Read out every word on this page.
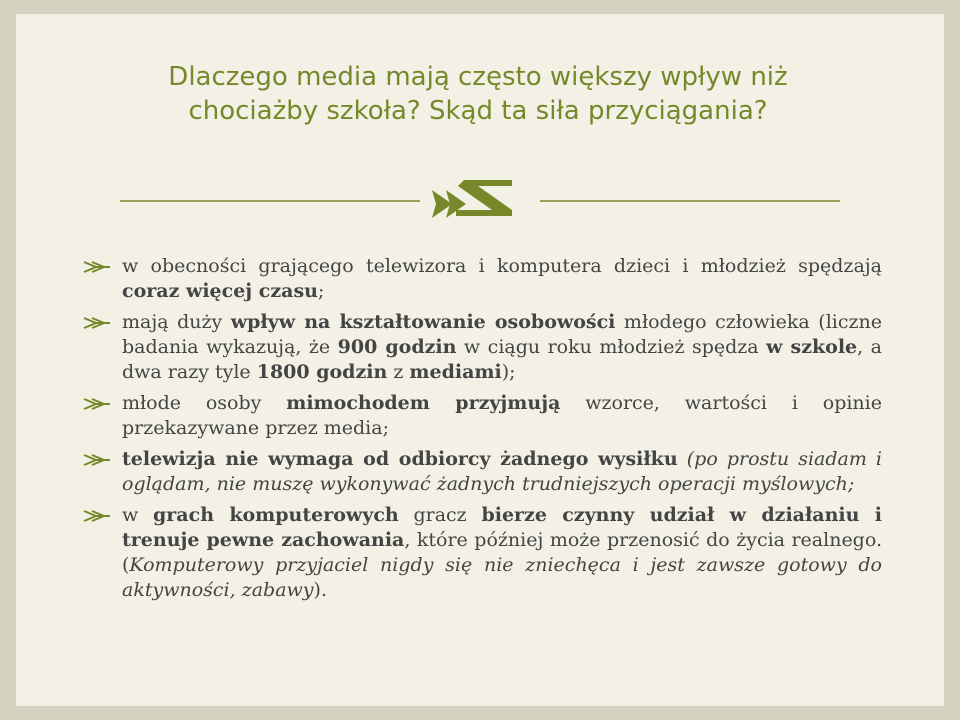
Dlaczego media mają często większy wpływ niż
chociażby szkoła? Skąd ta siła przyciągania?
w obecności grającego telewizora i komputera dzieci i młodzież spędzają coraz więcej czasu;
mają duży wpływ na kształtowanie osobowości młodego człowieka (liczne badania wykazują, że 900 godzin w ciągu roku młodzież spędza w szkole, a dwa razy tyle 1800 godzin z mediami);
młode osoby mimochodem przyjmują wzorce, wartości i opinie przekazywane przez media;
telewizja nie wymaga od odbiorcy żadnego wysiłku (po prostu siadam i oglądam, nie muszę wykonywać żadnych trudniejszych operacji myślowych;
w grach komputerowych gracz bierze czynny udział w działaniu i trenuje pewne zachowania, które później może przenosić do życia realnego. (Komputerowy przyjaciel nigdy się nie zniechęca i jest zawsze gotowy do aktywności, zabawy).
